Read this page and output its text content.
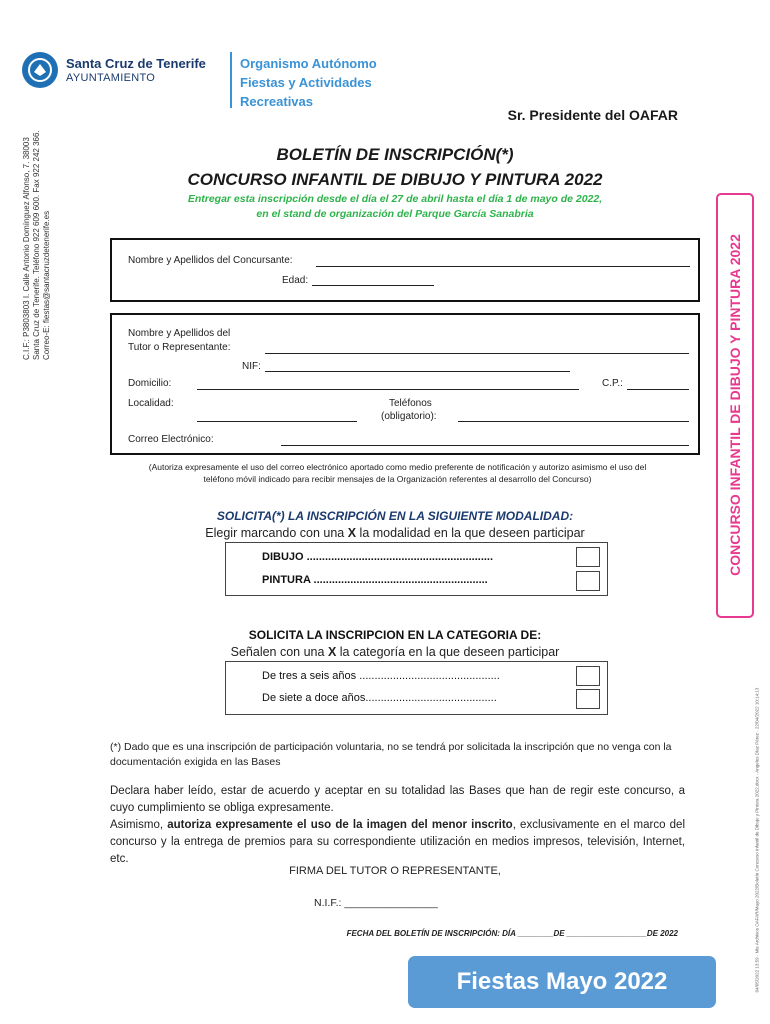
Santa Cruz de Tenerife
AYUNTAMIENTO
Organismo Autónomo
Fiestas y Actividades
Recreativas
Sr. Presidente del OAFAR
C.I.F.: P3803803 I. Calle Antonio Domínguez Alfonso, 7. 38003 Santa Cruz de Tenerife. Teléfono 922 609 600. Fax 922 242 366. Correo-E: fiestas@santacruzdetenerife.es
BOLETÍN DE INSCRIPCIÓN(*)
CONCURSO INFANTIL DE DIBUJO Y PINTURA 2022
Entregar esta inscripción desde el día el 27 de abril hasta el día 1 de mayo de 2022,
en el stand de organización del Parque García Sanabria
Nombre y Apellidos del Concursante:
Edad:
Nombre y Apellidos del
Tutor o Representante:
NIF:
Domicilio:	C.P.:
Localidad:	Teléfonos
(obligatorio):
Correo Electrónico:
(Autoriza expresamente el uso del correo electrónico aportado como medio preferente de notificación y autorizo asimismo el uso del
teléfono móvil indicado para recibir mensajes de la Organización referentes al desarrollo del Concurso)
SOLICITA(*) LA INSCRIPCIÓN EN LA SIGUIENTE MODALIDAD:
Elegir marcando con una X la modalidad en la que deseen participar
DIBUJO .............................................................
PINTURA .........................................................
SOLICITA LA INSCRIPCION EN LA CATEGORIA DE:
Señalen con una X la categoría en la que deseen participar
De tres a seis años ..............................................
De siete a doce años...........................................
(*) Dado que es una inscripción de participación voluntaria, no se tendrá por solicitada la inscripción que no venga con la documentación exigida en las Bases
Declara haber leído, estar de acuerdo y aceptar en su totalidad las Bases que han de regir este concurso, a cuyo cumplimiento se obliga expresamente.
Asimismo, autoriza expresamente el uso de la imagen del menor inscrito, exclusivamente en el marco del concurso y la entrega de premios para su correspondiente utilización en medios impresos, televisión, Internet, etc.
FIRMA DEL TUTOR O REPRESENTANTE,
N.I.F.: ________________
FECHA DEL BOLETÍN DE INSCRIPCIÓN: DÍA ________DE __________________DE 2022
CONCURSO INFANTIL DE DIBUJO Y PINTURA 2022
04/05/2022 13:59 · Mis Archivos OAFAR/Mayo 2022/Boletín Concurso Infantil de Dibujo y Pintura 2022.docx · Angeles Díaz Pérez · 22/04/2022 10:14:13
Fiestas Mayo 2022
